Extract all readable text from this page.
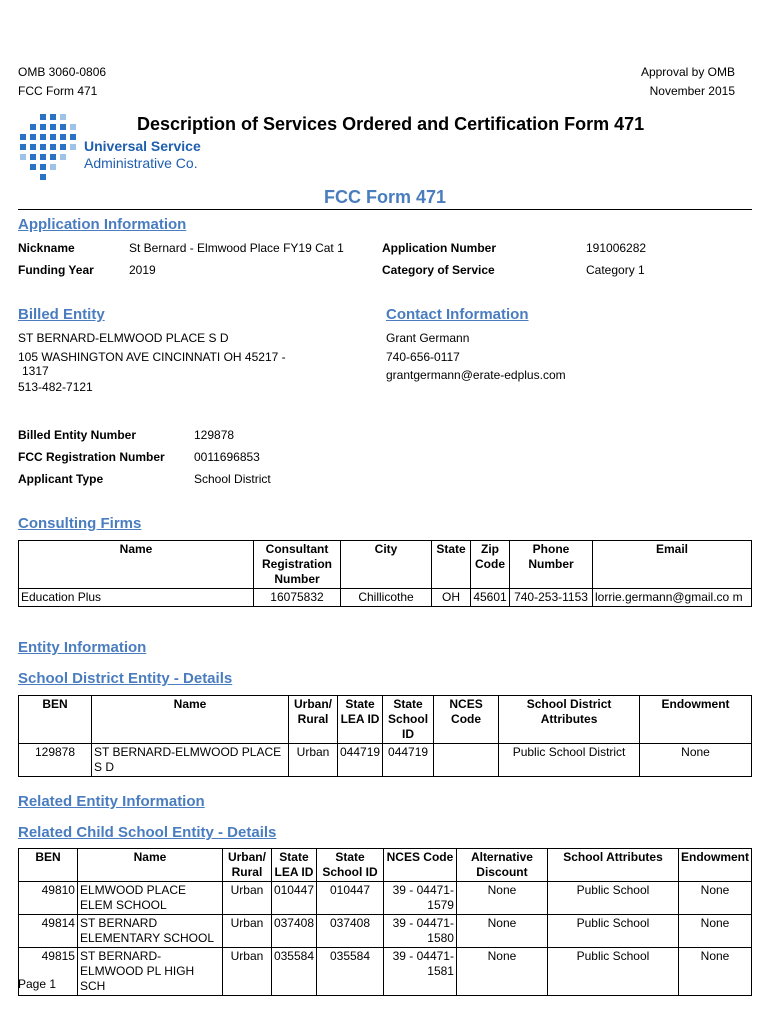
OMB 3060-0806
FCC Form 471
Approval by OMB
November 2015
Universal Service
Administrative Co.
Description of Services Ordered and Certification Form 471
FCC Form 471
Application Information
Nickname	St Bernard - Elmwood Place FY19 Cat 1	Application Number	191006282
Funding Year	2019	Category of Service	Category 1
Billed Entity
ST BERNARD-ELMWOOD PLACE S D
105 WASHINGTON AVE CINCINNATI OH 45217 -
1317
513-482-7121
Contact Information
Grant Germann
740-656-0117
grantgermann@erate-edplus.com
Billed Entity Number	129878
FCC Registration Number 0011696853
Applicant Type	School District
Consulting Firms
Name	Consultant Registration Number	City	State	Zip Code	Phone Number	Email
Education Plus	16075832	Chillicothe	OH	45601	740-253-1153	lorrie.germann@gmail.co m
Entity Information
School District Entity - Details
BEN	Name	Urban/ Rural	State LEA ID	State School ID	NCES Code	School District Attributes	Endowment
129878	ST BERNARD-ELMWOOD PLACE S D	Urban	044719	044719		Public School District	None
Related Entity Information
Related Child School Entity - Details
BEN	Name	Urban/ Rural	State LEA ID	State School ID	NCES Code	Alternative Discount	School Attributes	Endowment
49810	ELMWOOD PLACE ELEM SCHOOL	Urban	010447	010447	39 - 04471- 1579	None	Public School	None
49814	ST BERNARD ELEMENTARY SCHOOL	Urban	037408	037408	39 - 04471- 1580	None	Public School	None
49815	ST BERNARD-ELMWOOD PL HIGH SCH	Urban	035584	035584	39 - 04471- 1581	None	Public School	None
Page 1
